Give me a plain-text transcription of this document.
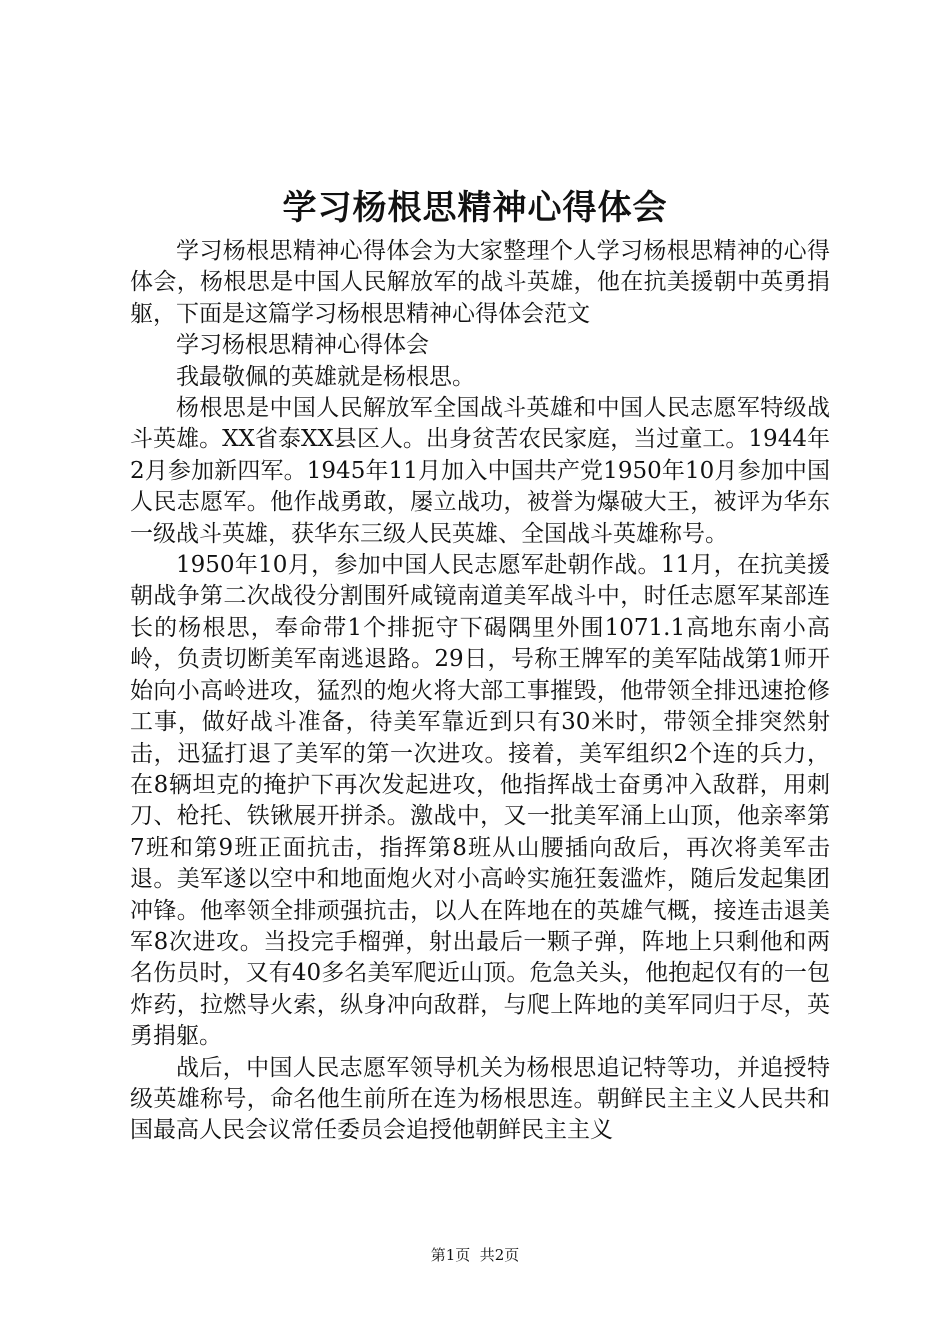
学习杨根思精神心得体会

学习杨根思精神心得体会为大家整理个人学习杨根思精神的心得体会，杨根思是中国人民解放军的战斗英雄，他在抗美援朝中英勇捐躯，下面是这篇学习杨根思精神心得体会范文

学习杨根思精神心得体会

我最敬佩的英雄就是杨根思。

杨根思是中国人民解放军全国战斗英雄和中国人民志愿军特级战斗英雄。XX省泰XX县区人。出身贫苦农民家庭，当过童工。1944年2月参加新四军。1945年11月加入中国共产党1950年10月参加中国人民志愿军。他作战勇敢，屡立战功，被誉为爆破大王，被评为华东一级战斗英雄，获华东三级人民英雄、全国战斗英雄称号。

1950年10月，参加中国人民志愿军赴朝作战。11月，在抗美援朝战争第二次战役分割围歼咸镜南道美军战斗中，时任志愿军某部连长的杨根思，奉命带1个排扼守下碣隅里外围1071.1高地东南小高岭，负责切断美军南逃退路。29日，号称王牌军的美军陆战第1师开始向小高岭进攻，猛烈的炮火将大部工事摧毁，他带领全排迅速抢修工事，做好战斗准备，待美军靠近到只有30米时，带领全排突然射击，迅猛打退了美军的第一次进攻。接着，美军组织2个连的兵力，在8辆坦克的掩护下再次发起进攻，他指挥战士奋勇冲入敌群，用刺刀、枪托、铁锹展开拼杀。激战中，又一批美军涌上山顶，他亲率第7班和第9班正面抗击，指挥第8班从山腰插向敌后，再次将美军击退。美军遂以空中和地面炮火对小高岭实施狂轰滥炸，随后发起集团冲锋。他率领全排顽强抗击，以人在阵地在的英雄气概，接连击退美军8次进攻。当投完手榴弹，射出最后一颗子弹，阵地上只剩他和两名伤员时，又有40多名美军爬近山顶。危急关头，他抱起仅有的一包炸药，拉燃导火索，纵身冲向敌群，与爬上阵地的美军同归于尽，英勇捐躯。

战后，中国人民志愿军领导机关为杨根思追记特等功，并追授特级英雄称号，命名他生前所在连为杨根思连。朝鲜民主主义人民共和国最高人民会议常任委员会追授他朝鲜民主主义

第1页  共2页
